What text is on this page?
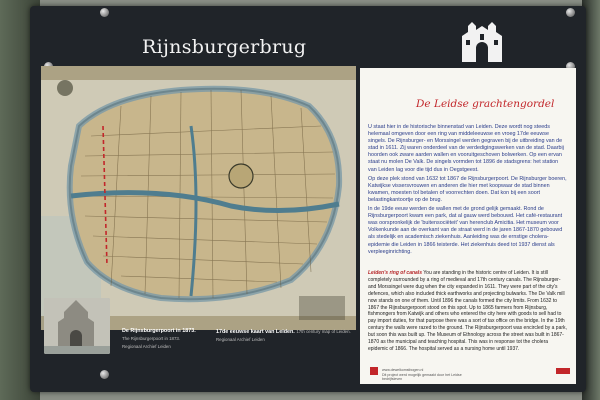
Rijnsburgerbrug
De Rijnsburgerpoort in 1873.
The Rijnsburgerpoort in 1873.
Regionaal Archief Leiden
17de eeuwse kaart van Leiden. 17th century map of Leiden.
Regionaal Archief Leiden
De Leidse grachtengordel

U staat hier in de historische binnenstad van Leiden. Deze wordt nog steeds helemaal omgeven door een ring van middeleeuwse en vroeg 17de eeuwse singels. De Rijnsburger- en Morssingel werden gegraven bij de uitbreiding van de stad in 1611. Zij waren onderdeel van de verdedigingswerken van de stad. Daarbij hoorden ook zware aarden wallen en vooruitgeschoven bolwerken. Op een ervan staat nu molen De Valk. De singels vormden tot 1896 de stadsgrens: het station van Leiden lag voor die tijd dus in Oegstgeest.

Op deze plek stond van 1632 tot 1867 de Rijnsburgerpoort. De Rijnsburger boeren, Katwijkse vissersvrouwen en anderen die hier met koopwaar de stad binnen kwamen, moesten tol betalen of voorrechten doen. Dat kon bij een soort belastingkantoortje op de brug.

In de 19de eeuw werden de wallen met de grond gelijk gemaakt. Rond de Rijnsburgerpoort kwam een park, dat al gauw werd bebouwd. Het café-restaurant was oorspronkelijk de 'buitensociëteit' van herenclub Amicitia. Het museum voor Volkenkunde aan de overkant van de straat werd in de jaren 1867-1870 gebouwd als stedelijk en academisch ziekenhuis. Aanleiding was de ernstige cholera-epidemie die Leiden in 1866 teisterde. Het ziekenhuis deed tot 1937 dienst als verpleeginrichting.

Leiden's ring of canals You are standing in the historic centre of Leiden. It is still completely surrounded by a ring of medieval and 17th century canals. The Rijnsburger- and Morssingel were dug when the city expanded in 1611. They were part of the city's defences, which also included thick earthworks and projecting bulwarks. The De Valk mill now stands on one of them. Until 1896 the canals formed the city limits. From 1632 to 1867 the Rijnsburgerpoort stood on this spot. Up to 1865 farmers from Rijnsburg, fishmongers from Katwijk and others who entered the city here with goods to sell had to pay import duties, for that purpose there was a sort of tax office on the bridge. In the 19th century the walls were razed to the ground. The Rijnsburgerpoort was encircled by a park, but soon this was built up. The Museum of Ethnology across the street was built in 1867-1870 as the municipal and teaching hospital. This was in response tot the cholera epidemic of 1866. The hospital served as a nursing home until 1937.
www.dewelkomstbogen.nl
Dit project werd mogelijk gemaakt door het Leidse bedrijfsleven
